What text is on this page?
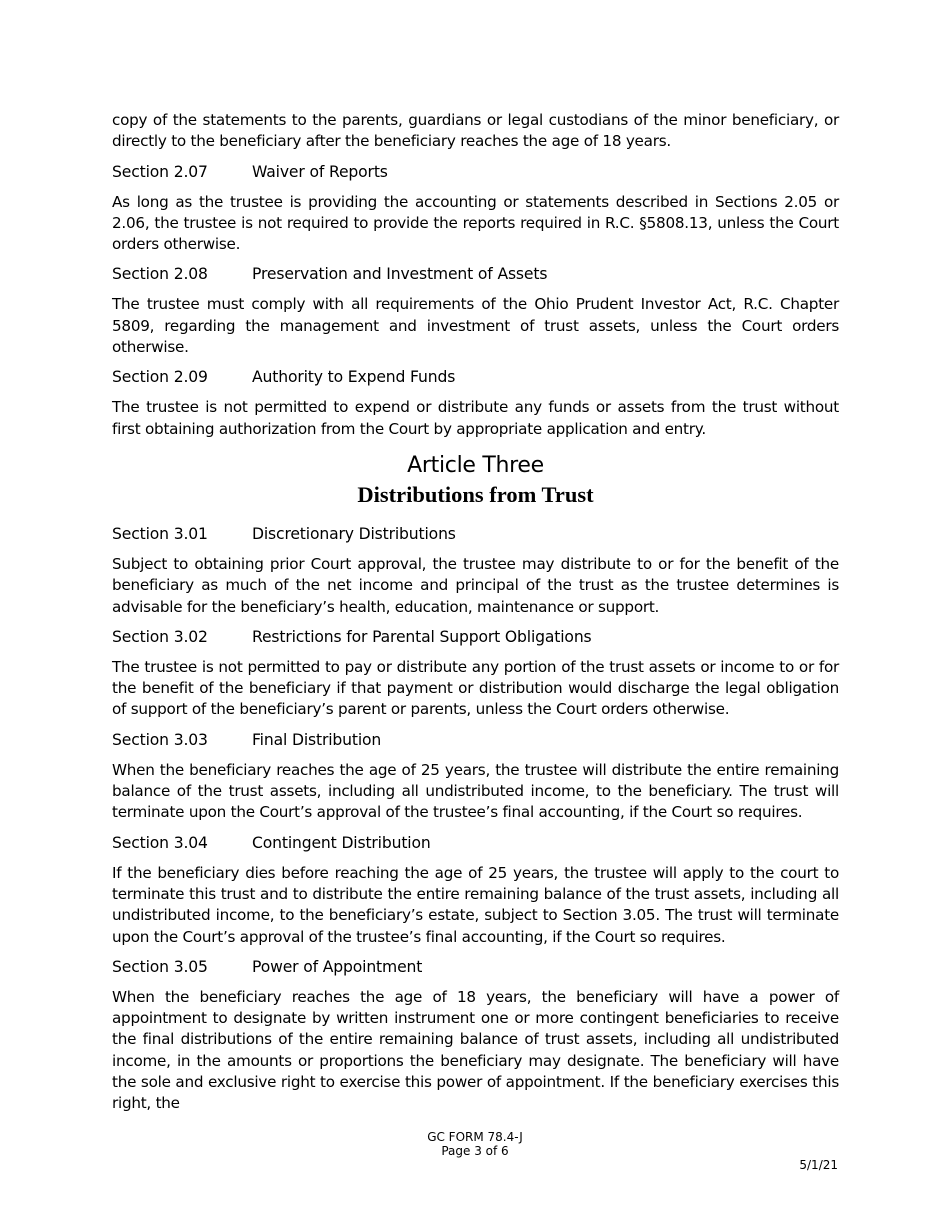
copy of the statements to the parents, guardians or legal custodians of the minor beneficiary, or directly to the beneficiary after the beneficiary reaches the age of 18 years.

Section 2.07	Waiver of Reports

As long as the trustee is providing the accounting or statements described in Sections 2.05 or 2.06, the trustee is not required to provide the reports required in R.C. §5808.13, unless the Court orders otherwise.

Section 2.08	Preservation and Investment of Assets

The trustee must comply with all requirements of the Ohio Prudent Investor Act, R.C. Chapter 5809, regarding the management and investment of trust assets, unless the Court orders otherwise.

Section 2.09	Authority to Expend Funds

The trustee is not permitted to expend or distribute any funds or assets from the trust without first obtaining authorization from the Court by appropriate application and entry.

Article Three
Distributions from Trust
Section 3.01	Discretionary Distributions

Subject to obtaining prior Court approval, the trustee may distribute to or for the benefit of the beneficiary as much of the net income and principal of the trust as the trustee determines is advisable for the beneficiary’s health, education, maintenance or support.

Section 3.02	Restrictions for Parental Support Obligations

The trustee is not permitted to pay or distribute any portion of the trust assets or income to or for the benefit of the beneficiary if that payment or distribution would discharge the legal obligation of support of the beneficiary’s parent or parents, unless the Court orders otherwise.

Section 3.03	Final Distribution

When the beneficiary reaches the age of 25 years, the trustee will distribute the entire remaining balance of the trust assets, including all undistributed income, to the beneficiary. The trust will terminate upon the Court’s approval of the trustee’s final accounting, if the Court so requires.

Section 3.04	Contingent Distribution

If the beneficiary dies before reaching the age of 25 years, the trustee will apply to the court to terminate this trust and to distribute the entire remaining balance of the trust assets, including all undistributed income, to the beneficiary’s estate, subject to Section 3.05. The trust will terminate upon the Court’s approval of the trustee’s final accounting, if the Court so requires.

Section 3.05	Power of Appointment

When the beneficiary reaches the age of 18 years, the beneficiary will have a power of appointment to designate by written instrument one or more contingent beneficiaries to receive the final distributions of the entire remaining balance of trust assets, including all undistributed income, in the amounts or proportions the beneficiary may designate. The beneficiary will have the sole and exclusive right to exercise this power of appointment. If the beneficiary exercises this right, the

GC FORM 78.4-J
Page 3 of 6
5/1/21
